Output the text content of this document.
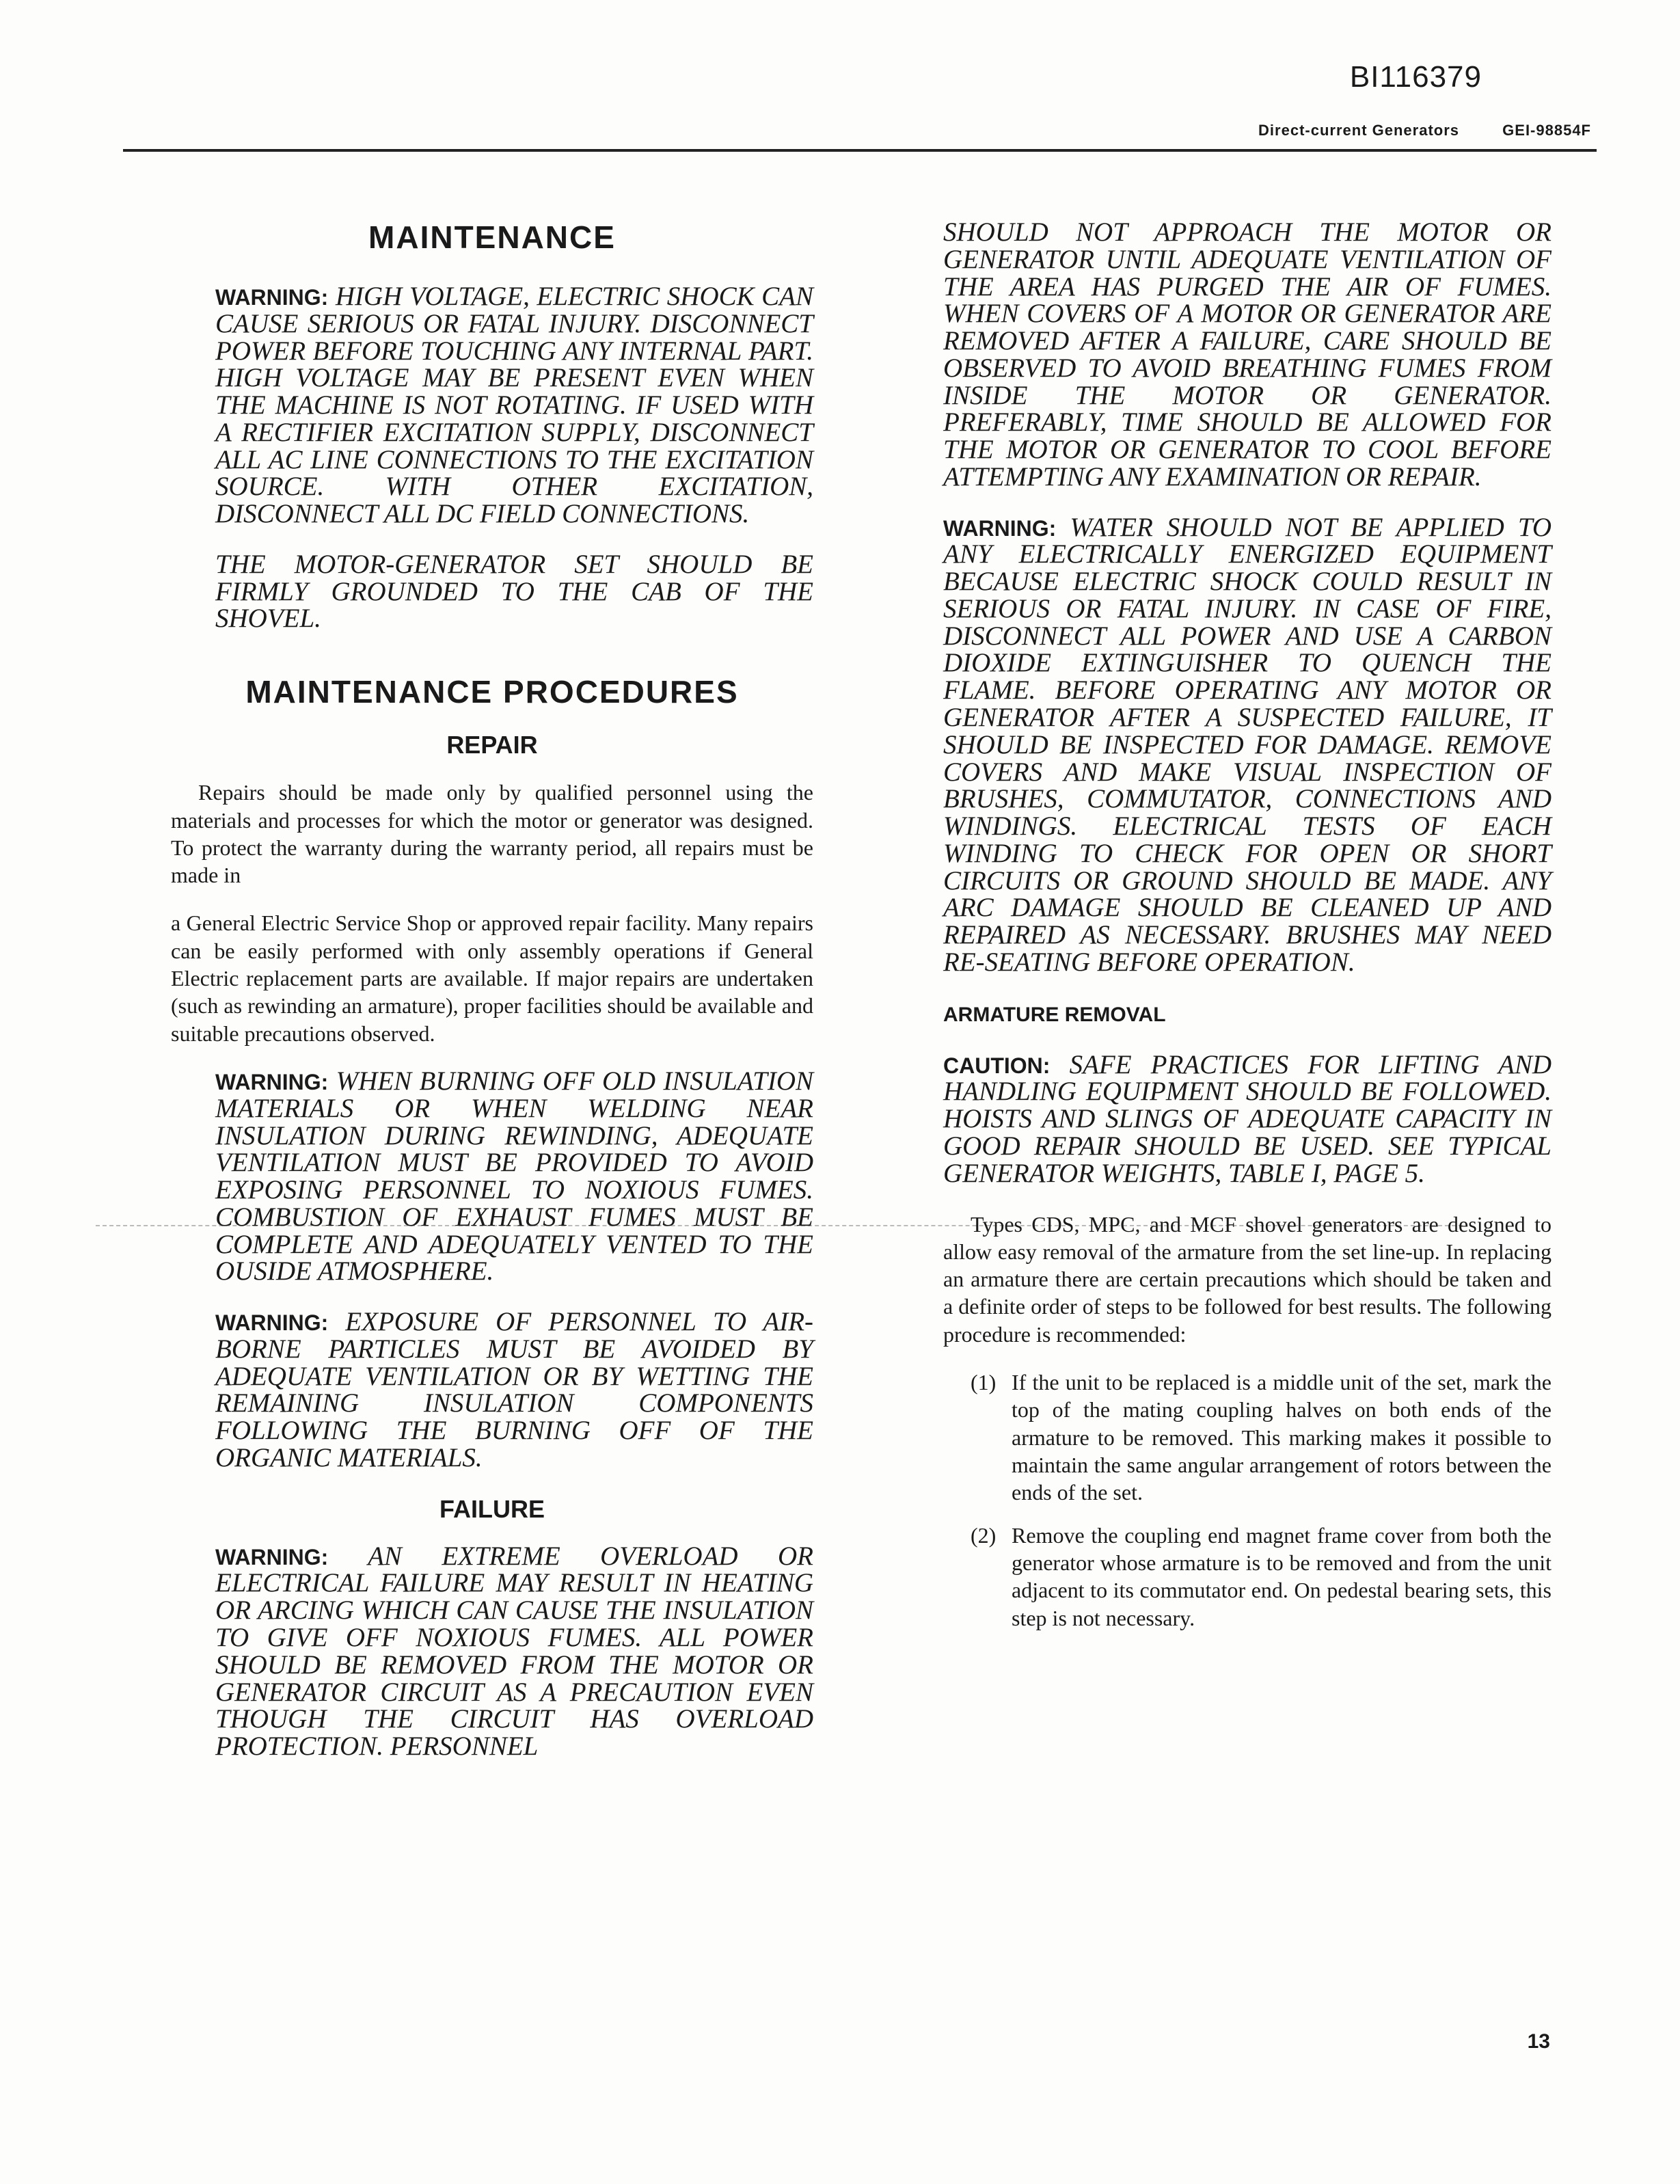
BI116379
Direct-current Generators	GEI-98854F
MAINTENANCE

WARNING: HIGH VOLTAGE, ELECTRIC SHOCK CAN CAUSE SERIOUS OR FATAL INJURY. DISCONNECT POWER BEFORE TOUCHING ANY INTERNAL PART. HIGH VOLTAGE MAY BE PRESENT EVEN WHEN THE MACHINE IS NOT ROTATING. IF USED WITH A RECTIFIER EXCITATION SUPPLY, DISCONNECT ALL AC LINE CONNECTIONS TO THE EXCITATION SOURCE. WITH OTHER EXCITATION, DISCONNECT ALL DC FIELD CONNECTIONS.

THE MOTOR-GENERATOR SET SHOULD BE FIRMLY GROUNDED TO THE CAB OF THE SHOVEL.

MAINTENANCE PROCEDURES
REPAIR

Repairs should be made only by qualified personnel using the materials and processes for which the motor or generator was designed. To protect the warranty during the warranty period, all repairs must be made in

a General Electric Service Shop or approved repair facility. Many repairs can be easily performed with only assembly operations if General Electric replacement parts are available. If major repairs are undertaken (such as rewinding an armature), proper facilities should be available and suitable precautions observed.

WARNING: WHEN BURNING OFF OLD INSULATION MATERIALS OR WHEN WELDING NEAR INSULATION DURING REWINDING, ADEQUATE VENTILATION MUST BE PROVIDED TO AVOID EXPOSING PERSONNEL TO NOXIOUS FUMES. COMBUSTION OF EXHAUST FUMES MUST BE COMPLETE AND ADEQUATELY VENTED TO THE OUSIDE ATMOSPHERE.

WARNING: EXPOSURE OF PERSONNEL TO AIR-BORNE PARTICLES MUST BE AVOIDED BY ADEQUATE VENTILATION OR BY WETTING THE REMAINING INSULATION COMPONENTS FOLLOWING THE BURNING OFF OF THE ORGANIC MATERIALS.

FAILURE

WARNING: AN EXTREME OVERLOAD OR ELECTRICAL FAILURE MAY RESULT IN HEATING OR ARCING WHICH CAN CAUSE THE INSULATION TO GIVE OFF NOXIOUS FUMES. ALL POWER SHOULD BE REMOVED FROM THE MOTOR OR GENERATOR CIRCUIT AS A PRECAUTION EVEN THOUGH THE CIRCUIT HAS OVERLOAD PROTECTION. PERSONNEL

SHOULD NOT APPROACH THE MOTOR OR GENERATOR UNTIL ADEQUATE VENTILATION OF THE AREA HAS PURGED THE AIR OF FUMES. WHEN COVERS OF A MOTOR OR GENERATOR ARE REMOVED AFTER A FAILURE, CARE SHOULD BE OBSERVED TO AVOID BREATHING FUMES FROM INSIDE THE MOTOR OR GENERATOR. PREFERABLY, TIME SHOULD BE ALLOWED FOR THE MOTOR OR GENERATOR TO COOL BEFORE ATTEMPTING ANY EXAMINATION OR REPAIR.

WARNING: WATER SHOULD NOT BE APPLIED TO ANY ELECTRICALLY ENERGIZED EQUIPMENT BECAUSE ELECTRIC SHOCK COULD RESULT IN SERIOUS OR FATAL INJURY. IN CASE OF FIRE, DISCONNECT ALL POWER AND USE A CARBON DIOXIDE EXTINGUISHER TO QUENCH THE FLAME. BEFORE OPERATING ANY MOTOR OR GENERATOR AFTER A SUSPECTED FAILURE, IT SHOULD BE INSPECTED FOR DAMAGE. REMOVE COVERS AND MAKE VISUAL INSPECTION OF BRUSHES, COMMUTATOR, CONNECTIONS AND WINDINGS. ELECTRICAL TESTS OF EACH WINDING TO CHECK FOR OPEN OR SHORT CIRCUITS OR GROUND SHOULD BE MADE. ANY ARC DAMAGE SHOULD BE CLEANED UP AND REPAIRED AS NECESSARY. BRUSHES MAY NEED RE-SEATING BEFORE OPERATION.

ARMATURE REMOVAL

CAUTION: SAFE PRACTICES FOR LIFTING AND HANDLING EQUIPMENT SHOULD BE FOLLOWED. HOISTS AND SLINGS OF ADEQUATE CAPACITY IN GOOD REPAIR SHOULD BE USED. SEE TYPICAL GENERATOR WEIGHTS, TABLE I, PAGE 5.

Types CDS, MPC, and MCF shovel generators are designed to allow easy removal of the armature from the set line-up. In replacing an armature there are certain precautions which should be taken and a definite order of steps to be followed for best results. The following procedure is recommended:

(1) If the unit to be replaced is a middle unit of the set, mark the top of the mating coupling halves on both ends of the armature to be removed. This marking makes it possible to maintain the same angular arrangement of rotors between the ends of the set.

(2) Remove the coupling end magnet frame cover from both the generator whose armature is to be removed and from the unit adjacent to its commutator end. On pedestal bearing sets, this step is not necessary.

13
